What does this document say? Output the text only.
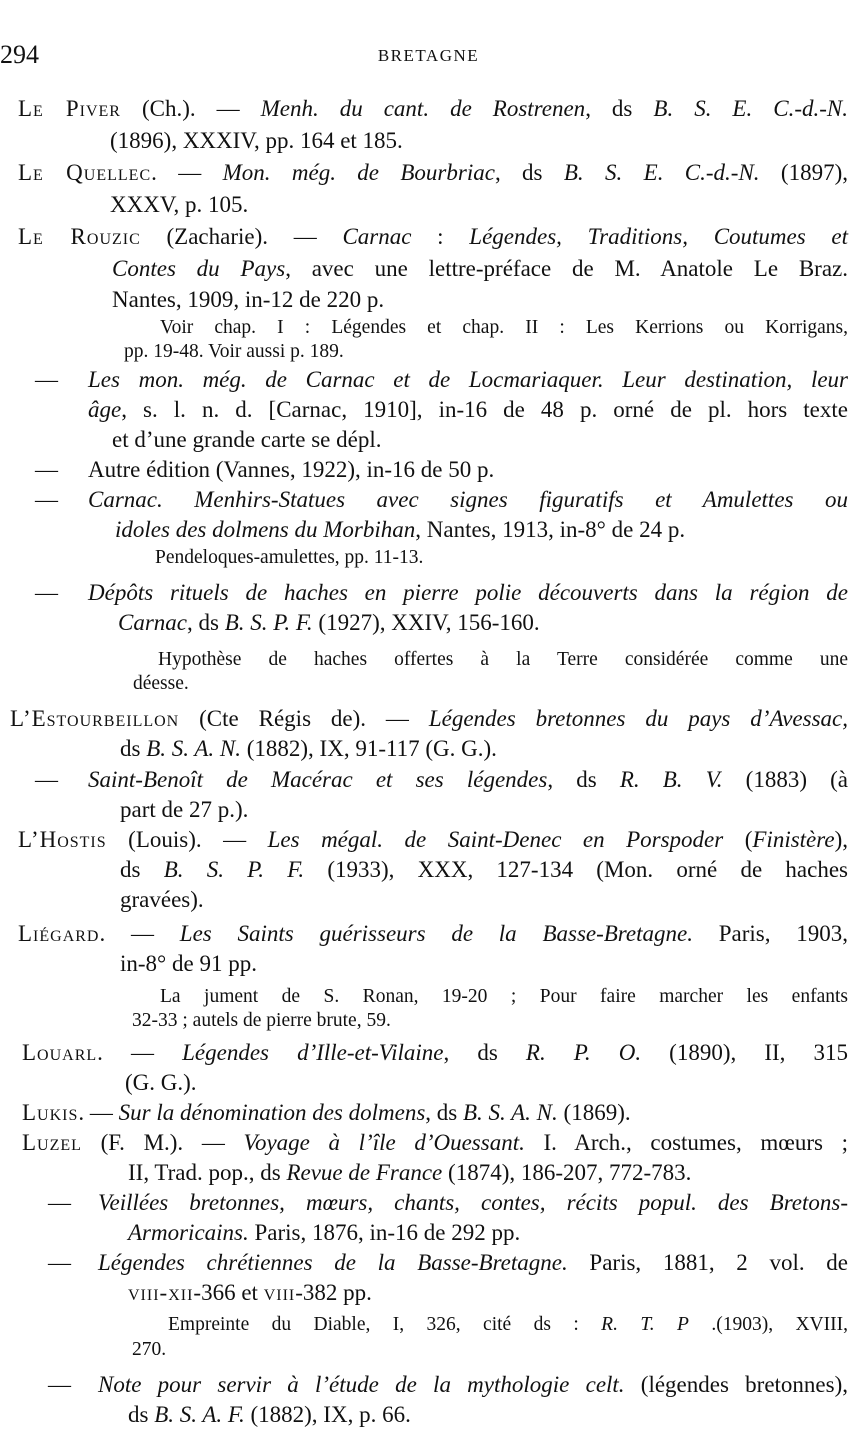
294	BRETAGNE
Le Piver (Ch.). — Menh. du cant. de Rostrenen, ds B. S. E. C.-d.-N.
(1896), XXXIV, pp. 164 et 185.
Le Quellec. — Mon. még. de Bourbriac, ds B. S. E. C.-d.-N. (1897),
XXXV, p. 105.
Le Rouzic (Zacharie). — Carnac : Légendes, Traditions, Coutumes et
Contes du Pays, avec une lettre-préface de M. Anatole Le Braz.
Nantes, 1909, in-12 de 220 p.
Voir chap. I : Légendes et chap. II : Les Kerrions ou Korrigans,
pp. 19-48. Voir aussi p. 189.
— Les mon. még. de Carnac et de Locmariaquer. Leur destination, leur
âge, s. l. n. d. [Carnac, 1910], in-16 de 48 p. orné de pl. hors texte
et d’une grande carte se dépl.
— Autre édition (Vannes, 1922), in-16 de 50 p.
— Carnac. Menhirs-Statues avec signes figuratifs et Amulettes ou
idoles des dolmens du Morbihan, Nantes, 1913, in-8° de 24 p.
Pendeloques-amulettes, pp. 11-13.
— Dépôts rituels de haches en pierre polie découverts dans la région de
Carnac, ds B. S. P. F. (1927), XXIV, 156-160.
Hypothèse de haches offertes à la Terre considérée comme une
déesse.
L’Estourbeillon (Cte Régis de). — Légendes bretonnes du pays d’Avessac,
ds B. S. A. N. (1882), IX, 91-117 (G. G.).
— Saint-Benoît de Macérac et ses légendes, ds R. B. V. (1883) (à
part de 27 p.).
L’Hostis (Louis). — Les mégal. de Saint-Denec en Porspoder (Finistère),
ds B. S. P. F. (1933), XXX, 127-134 (Mon. orné de haches
gravées).
Liégard. — Les Saints guérisseurs de la Basse-Bretagne. Paris, 1903,
in-8° de 91 pp.
La jument de S. Ronan, 19-20 ; Pour faire marcher les enfants
32-33 ; autels de pierre brute, 59.
Louarl. — Légendes d’Ille-et-Vilaine, ds R. P. O. (1890), II, 315
(G. G.).
Lukis. — Sur la dénomination des dolmens, ds B. S. A. N. (1869).
Luzel (F. M.). — Voyage à l’île d’Ouessant. I. Arch., costumes, mœurs ;
II, Trad. pop., ds Revue de France (1874), 186-207, 772-783.
— Veillées bretonnes, mœurs, chants, contes, récits popul. des Bretons-
Armoricains. Paris, 1876, in-16 de 292 pp.
— Légendes chrétiennes de la Basse-Bretagne. Paris, 1881, 2 vol. de
viii-xii-366 et viii-382 pp.
Empreinte du Diable, I, 326, cité ds : R. T. P .(1903), XVIII,
270.
— Note pour servir à l’étude de la mythologie celt. (légendes bretonnes),
ds B. S. A. F. (1882), IX, p. 66.
